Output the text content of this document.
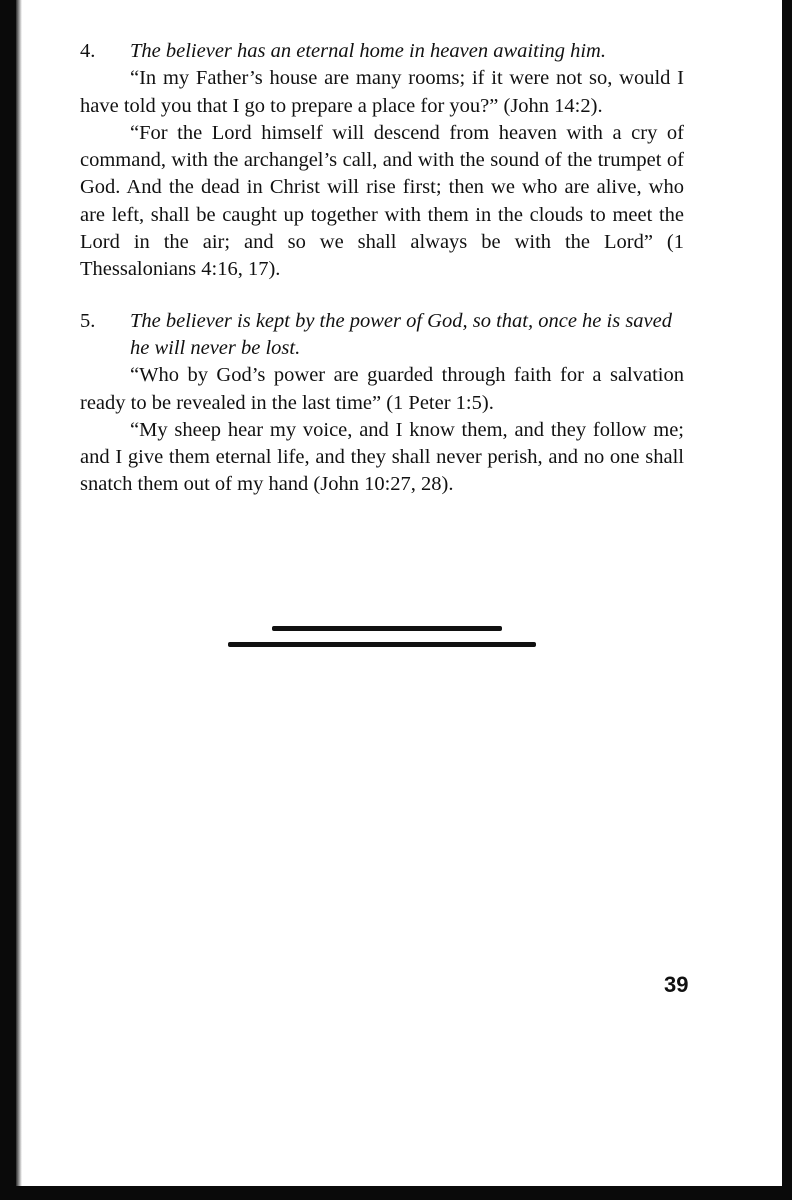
4. The believer has an eternal home in heaven awaiting him.

“In my Father’s house are many rooms; if it were not so, would I have told you that I go to prepare a place for you?” (John 14:2).

“For the Lord himself will descend from heaven with a cry of command, with the archangel’s call, and with the sound of the trumpet of God. And the dead in Christ will rise first; then we who are alive, who are left, shall be caught up together with them in the clouds to meet the Lord in the air; and so we shall always be with the Lord” (1 Thessalonians 4:16, 17).

5. The believer is kept by the power of God, so that, once he is saved he will never be lost.

“Who by God’s power are guarded through faith for a salvation ready to be revealed in the last time” (1 Peter 1:5).

“My sheep hear my voice, and I know them, and they follow me; and I give them eternal life, and they shall never perish, and no one shall snatch them out of my hand (John 10:27, 28).

39
